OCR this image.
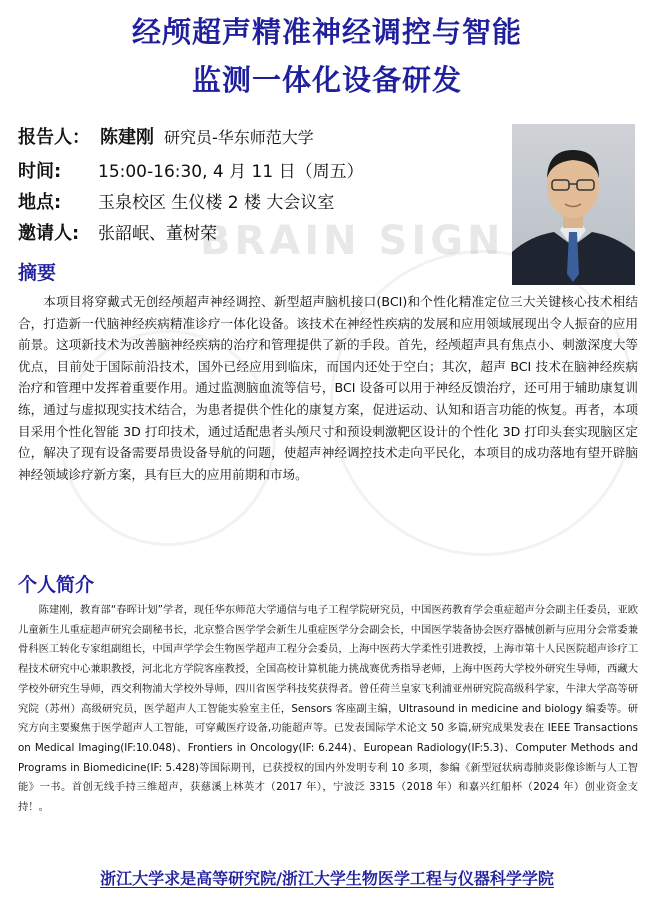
BRAIN SIGN
经颅超声精准神经调控与智能
监测一体化设备研发
报告人： 陈建刚 研究员-华东师范大学
时间: 15:00-16:30, 4 月 11 日（周五）
地点: 玉泉校区 生仪楼 2 楼 大会议室
邀请人: 张韶岷、董树荣
摘要

本项目将穿戴式无创经颅超声神经调控、新型超声脑机接口(BCI)和个性化精准定位三大关键核心技术相结合，打造新一代脑神经疾病精准诊疗一体化设备。该技术在神经性疾病的发展和应用领域展现出令人振奋的应用前景。这项新技术为改善脑神经疾病的治疗和管理提供了新的手段。首先，经颅超声具有焦点小、刺激深度大等优点，目前处于国际前沿技术，国外已经应用到临床，而国内还处于空白；其次，超声 BCI 技术在脑神经疾病治疗和管理中发挥着重要作用。通过监测脑血流等信号，BCI 设备可以用于神经反馈治疗，还可用于辅助康复训练，通过与虚拟现实技术结合，为患者提供个性化的康复方案，促进运动、认知和语言功能的恢复。再者，本项目采用个性化智能 3D 打印技术，通过适配患者头颅尺寸和预设刺激靶区设计的个性化 3D 打印头套实现脑区定位，解决了现有设备需要昂贵设备导航的问题，使超声神经调控技术走向平民化，本项目的成功落地有望开辟脑神经领域诊疗新方案，具有巨大的应用前期和市场。

个人简介

陈建刚，教育部“春晖计划”学者，现任华东师范大学通信与电子工程学院研究员，中国医药教育学会重症超声分会副主任委员，亚欧儿童新生儿重症超声研究会副秘书长，北京整合医学学会新生儿重症医学分会副会长，中国医学装备协会医疗器械创新与应用分会常委兼骨科医工转化专家组副组长，中国声学学会生物医学超声工程分会委员，上海中医药大学柔性引进教授，上海市第十人民医院超声诊疗工程技术研究中心兼职教授，河北北方学院客座教授，全国高校计算机能力挑战赛优秀指导老师，上海中医药大学校外研究生导师，西藏大学校外研究生导师，西交利物浦大学校外导师，四川省医学科技奖获得者。曾任荷兰皇家飞利浦亚州研究院高级科学家，牛津大学高等研究院（苏州）高级研究员，医学超声人工智能实验室主任，Sensors 客座副主编，Ultrasound in medicine and biology 编委等。研究方向主要聚焦于医学超声人工智能，可穿戴医疗设备,功能超声等。已发表国际学术论文 50 多篇,研究成果发表在 IEEE Transactions on Medical Imaging(IF:10.048)、Frontiers in Oncology(IF: 6.244)、European Radiology(IF:5.3)、Computer Methods and Programs in Biomedicine(IF: 5.428)等国际期刊，已获授权的国内外发明专利 10 多项，参编《新型冠状病毒肺炎影像诊断与人工智能》一书。首创无线手持三维超声，获慈溪上林英才（2017 年），宁波泛 3315（2018 年）和嘉兴红船杯（2024 年）创业资金支持！。

浙江大学求是高等研究院/浙江大学生物医学工程与仪器科学学院
